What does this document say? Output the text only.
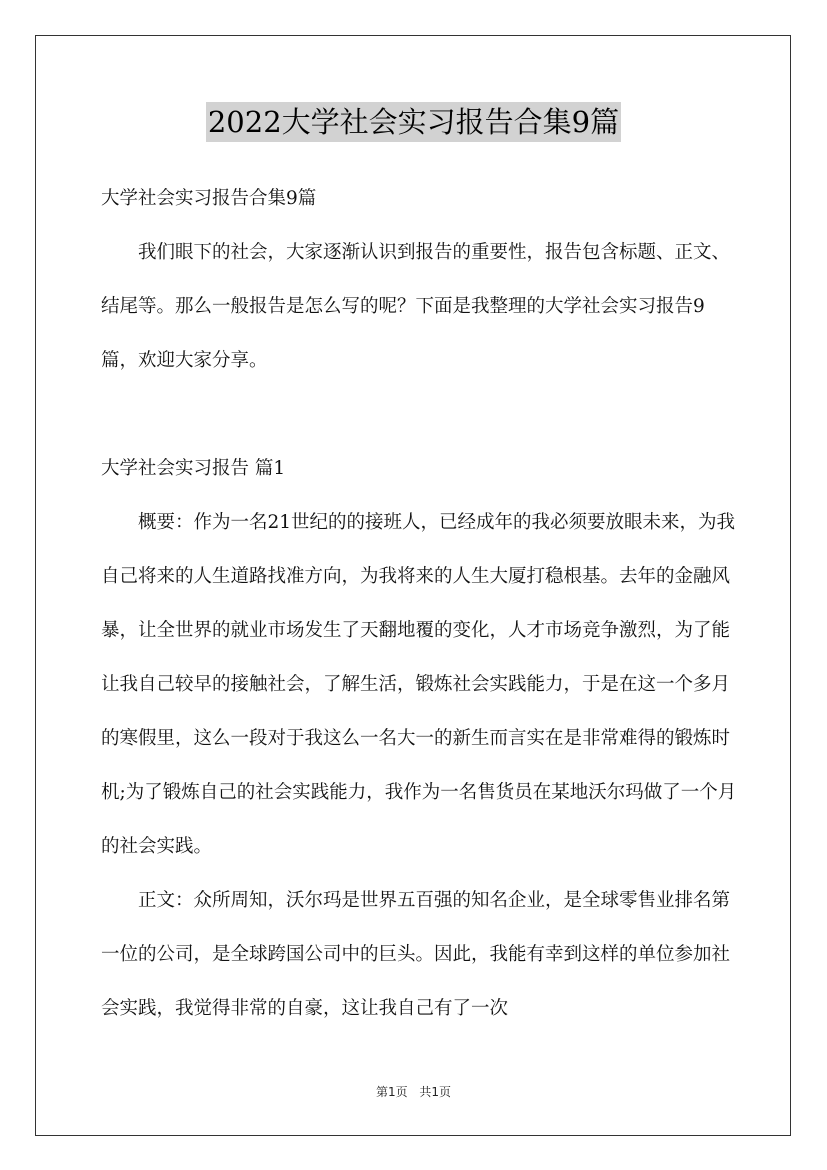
2022大学社会实习报告合集9篇

大学社会实习报告合集9篇

我们眼下的社会，大家逐渐认识到报告的重要性，报告包含标题、正文、结尾等。那么一般报告是怎么写的呢？下面是我整理的大学社会实习报告9篇，欢迎大家分享。

大学社会实习报告 篇1

概要：作为一名21世纪的的接班人，已经成年的我必须要放眼未来，为我自己将来的人生道路找准方向，为我将来的人生大厦打稳根基。去年的金融风暴，让全世界的就业市场发生了天翻地覆的变化，人才市场竞争激烈，为了能让我自己较早的接触社会，了解生活，锻炼社会实践能力，于是在这一个多月的寒假里，这么一段对于我这么一名大一的新生而言实在是非常难得的锻炼时机;为了锻炼自己的社会实践能力，我作为一名售货员在某地沃尔玛做了一个月的社会实践。

正文：众所周知，沃尔玛是世界五百强的知名企业，是全球零售业排名第一位的公司，是全球跨国公司中的巨头。因此，我能有幸到这样的单位参加社会实践，我觉得非常的自豪，这让我自己有了一次

第1页 共1页
